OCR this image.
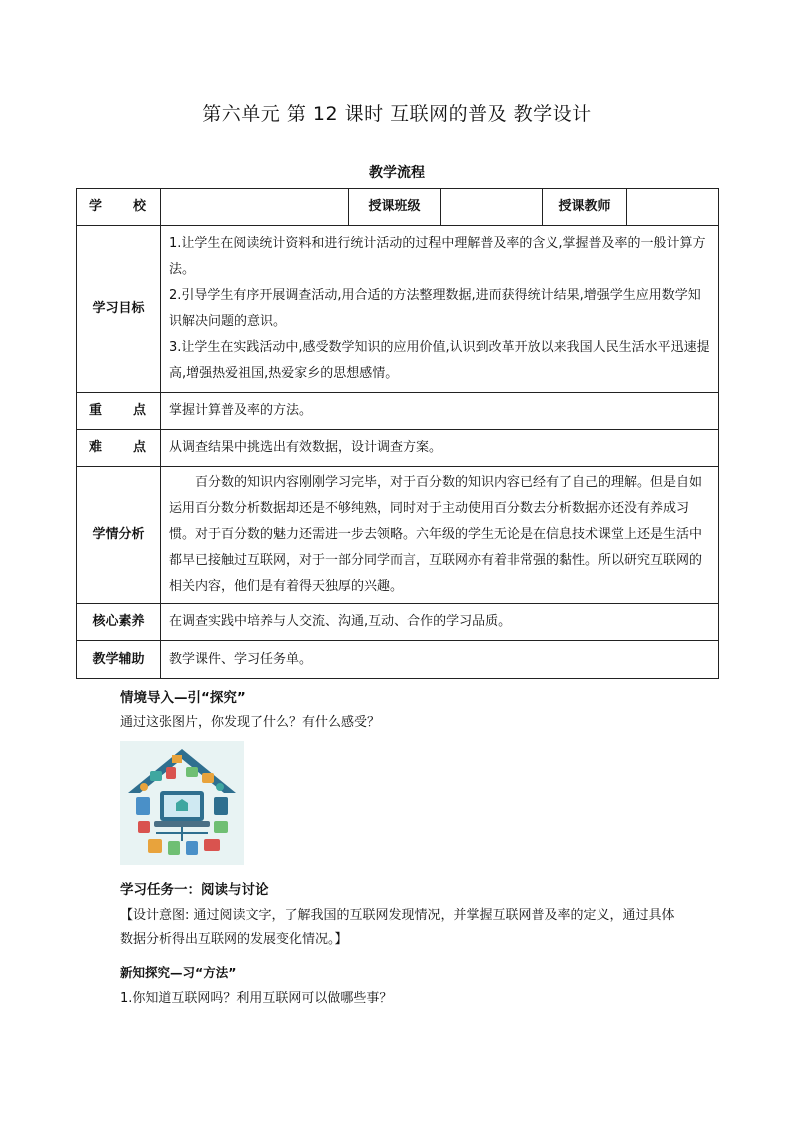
第六单元 第 12 课时 互联网的普及 教学设计
教学流程
学 校		授课班级		授课教师	
学习目标	1.让学生在阅读统计资料和进行统计活动的过程中理解普及率的含义,掌握普及率的一般计算方法。

2.引导学生有序开展调查活动,用合适的方法整理数据,进而获得统计结果,增强学生应用数学知识解决问题的意识。

3.让学生在实践活动中,感受数学知识的应用价值,认识到改革开放以来我国人民生活水平迅速提高,增强热爱祖国,热爱家乡的思想感情。				

重 点	掌握计算普及率的方法。				
难 点	从调查结果中挑选出有效数据，设计调查方案。				
学情分析	百分数的知识内容刚刚学习完毕，对于百分数的知识内容已经有了自己的理解。但是自如运用百分数分析数据却还是不够纯熟，同时对于主动使用百分数去分析数据亦还没有养成习惯。对于百分数的魅力还需进一步去领略。六年级的学生无论是在信息技术课堂上还是生活中都早已接触过互联网，对于一部分同学而言，互联网亦有着非常强的黏性。所以研究互联网的相关内容，他们是有着得天独厚的兴趣。				

核心素养	在调查实践中培养与人交流、沟通,互动、合作的学习品质。				
教学辅助	教学课件、学习任务单。				
情境导入—引“探究”
通过这张图片，你发现了什么？有什么感受？
学习任务一：阅读与讨论
【设计意图: 通过阅读文字，了解我国的互联网发现情况，并掌握互联网普及率的定义，通过具体数据分析得出互联网的发展变化情况。】
新知探究—习“方法”
1.你知道互联网吗？利用互联网可以做哪些事？
